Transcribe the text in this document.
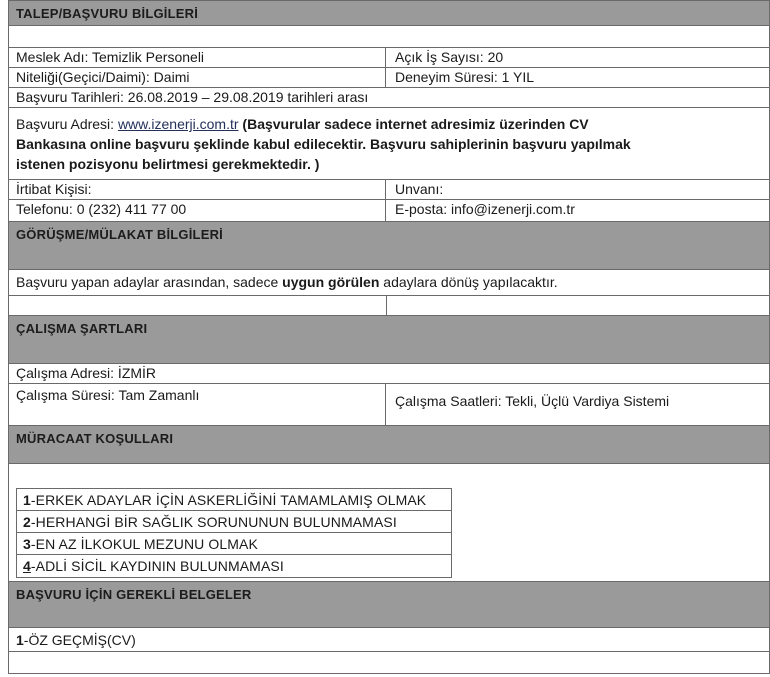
TALEP/BAŞVURU BİLGİLERİ
Meslek Adı: Temizlik Personeli	Açık İş Sayısı: 20
Niteliği(Geçici/Daimi): Daimi	Deneyim Süresi: 1 YIL
Başvuru Tarihleri: 26.08.2019 – 29.08.2019 tarihleri arası
Başvuru Adresi: www.izenerji.com.tr (Başvurular sadece internet adresimiz üzerinden CV
Bankasına online başvuru şeklinde kabul edilecektir. Başvuru sahiplerinin başvuru yapılmak
istenen pozisyonu belirtmesi gerekmektedir. )
İrtibat Kişisi:	Unvanı:
Telefonu: 0 (232) 411 77 00	E-posta: info@izenerji.com.tr
GÖRÜŞME/MÜLAKAT BİLGİLERİ
Başvuru yapan adaylar arasından, sadece uygun görülen adaylara dönüş yapılacaktır.
ÇALIŞMA ŞARTLARI
Çalışma Adresi: İZMİR
Çalışma Süresi: Tam Zamanlı	Çalışma Saatleri: Tekli, Üçlü Vardiya Sistemi
MÜRACAAT KOŞULLARI
1-ERKEK ADAYLAR İÇİN ASKERLİĞİNİ TAMAMLAMIŞ OLMAK
2-HERHANGİ BİR SAĞLIK SORUNUNUN BULUNMAMASI
3-EN AZ İLKOKUL MEZUNU OLMAK
4-ADLİ SİCİL KAYDININ BULUNMAMASI
BAŞVURU İÇİN GEREKLİ BELGELER
1-ÖZ GEÇMİŞ(CV)
